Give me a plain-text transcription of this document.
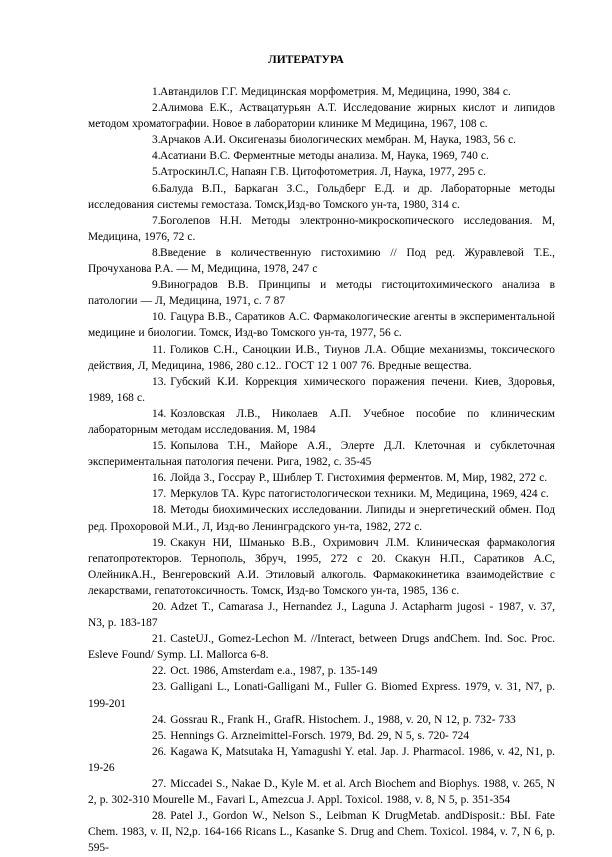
ЛИТЕРАТУРА

1.Автандилов Г.Г. Медицинская морфометрия. М, Медицина, 1990, 384 с.

2.Алимова Е.К., Аствацатурьян А.Т. Исследование жирных кислот и липидов методом хроматографии. Новое в лаборатории клинике М Медицина, 1967, 108 с.

3.Арчаков А.И. Оксигеназы биологических мембран. М, Наука, 1983, 56 с.

4.Асатиани В.С. Ферментные методы анализа. М, Наука, 1969, 740 с.

5.АтроскинЛ.С, Напаян Г.В. Цитофотометрия. Л, Наука, 1977, 295 с.

6.Балуда В.П., Баркаган З.С., Гольдберг Е.Д. и др. Лабораторные методы исследования системы гемостаза. Томск,Изд-во Томского ун-та, 1980, 314 с.

7.Боголепов Н.Н. Методы электронно-микроскопического исследования. М, Медицина, 1976, 72 с.

8.Введение в количественную гистохимию // Под ред. Журавлевой Т.Е., Прочуханова Р.А. — М, Медицина, 1978, 247 с

9.Виноградов В.В. Принципы и методы гистоцитохимического анализа в патологии — Л, Медицина, 1971, с. 7 87

10. Гацура В.В., Саратиков А.С. Фармакологические агенты в экспериментальной медицине и биологии. Томск, Изд-во Томского ун-та, 1977, 56 с.

11. Голиков С.Н., Саноцкии И.В., Тиунов Л.А. Общие механизмы, токсического действия, Л, Медицина, 1986, 280 с.12.. ГОСТ 12 1 007 76. Вредные вещества.

13. Губский К.И. Коррекция химического поражения печени. Киев, Здоровья, 1989, 168 с.

14. Козловская Л.В., Николаев А.П. Учебное пособие по клиническим лабораторным методам исследования. М, 1984

15. Копылова Т.Н., Майоре А.Я., Элерте Д.Л. Клеточная и субклеточная экспериментальная патология печени. Рига, 1982, с. 35-45

16. Лойда З., Госсрау Р., Шиблер Т. Гистохимия ферментов. М, Мир, 1982, 272 с.

17. Меркулов ТА. Курс патогистологическои техники. М, Медицина, 1969, 424 с.

18. Методы биохимических исследовании. Липиды и энергетический обмен. Под ред. Прохоровой М.И., Л, Изд-во Ленинградского ун-та, 1982, 272 с.

19. Скакун НИ, Шманько В.В., Охримович Л.М. Клиническая фармакология гепатопротекторов. Тернополь, Збруч, 1995, 272 с 20. Скакун Н.П., Саратиков А.С, ОлейникА.Н., Венгеровский А.И. Этиловый алкоголь. Фармакокинетика взаимодействие с лекарствами, гепатотоксичность. Томск, Изд-во Томского ун-та, 1985, 136 с.

20. Adzet T., Camarasa J., Hernandez J., Laguna J. Actapharm jugosi - 1987, v. 37, N3, p. 183-187

21. CasteUJ., Gomez-Lechon M. //Interact, between Drugs andChem. Ind. Soc. Proc. Esleve Found/ Symp. LI. Mallorca 6-8.

22. Oct. 1986, Amsterdam e.a., 1987, p. 135-149

23. Galligani L., Lonati-Galligani M., Fuller G. Biomed Express. 1979, v. 31, N7, p. 199-201

24. Gossrau R., Frank H., GrafR. Histochem. J., 1988, v. 20, N 12, p. 732- 733

25. Hennings G. Arzneimittel-Forsch. 1979, Bd. 29, N 5, s. 720- 724

26. Kagawa K, Matsutaka H, Yamagushi Y. etal. Jap. J. Pharmacol. 1986, v. 42, N1, p. 19-26

27. Miccadei S., Nakae D., Kyle M. et al. Arch Biochem and Biophys. 1988, v. 265, N 2, p. 302-310 Mourelle M., Favari L, Amezcua J. Appl. Toxicol. 1988, v. 8, N 5, p. 351-354

28. Patel J., Gordon W., Nelson S., Leibman K DrugMetab. andDisposit.: BЫ. Fate Chem. 1983, v. II, N2,p. 164-166 Ricans L., Kasanke S. Drug and Chem. Toxicol. 1984, v. 7, N 6, p. 595-
